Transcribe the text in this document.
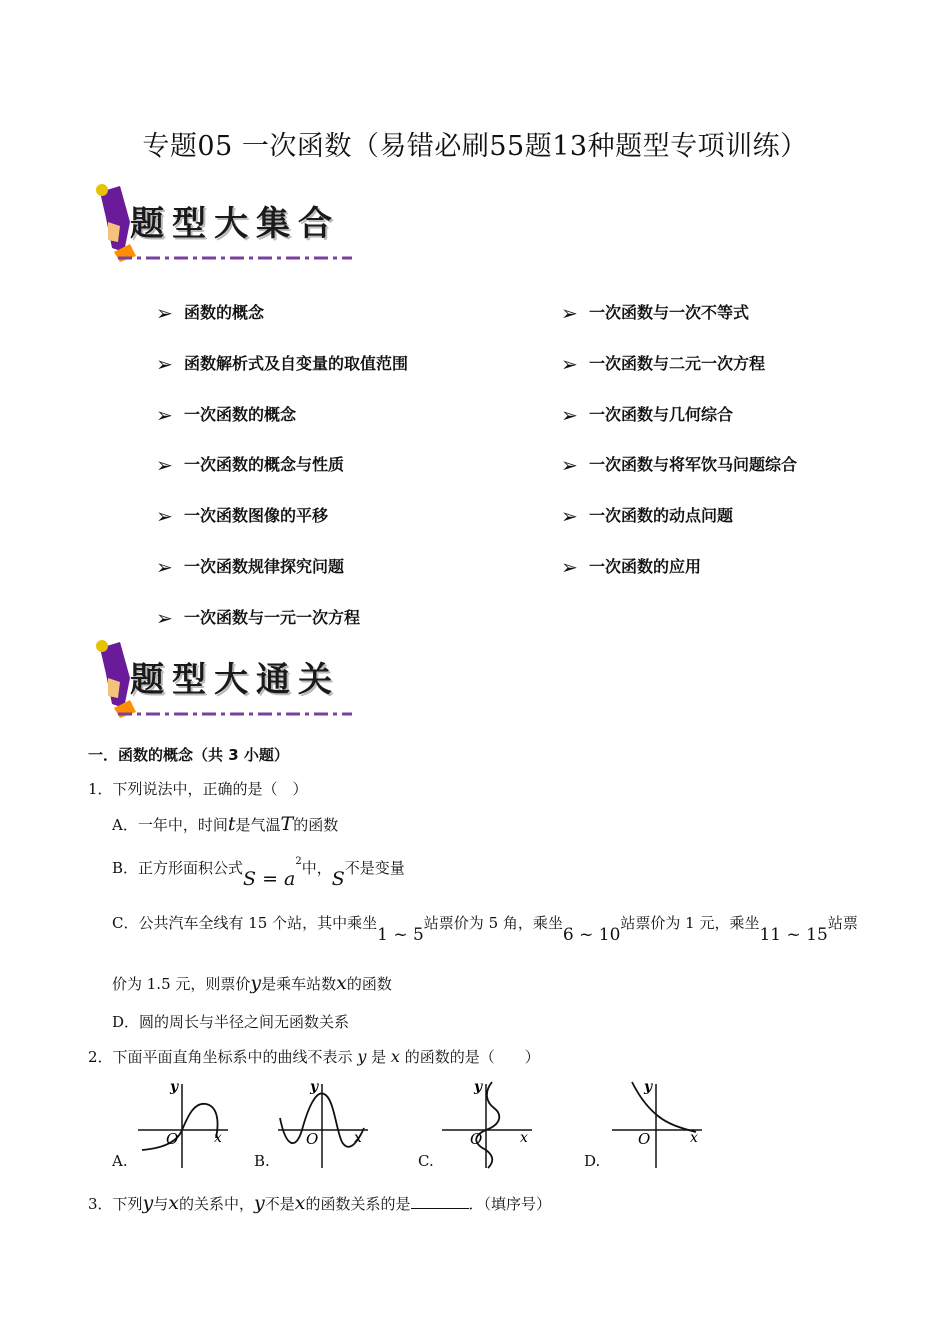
专题05 一次函数（易错必刷55题13种题型专项训练）
题型大集合
➢ 函数的概念
➢ 函数解析式及自变量的取值范围
➢ 一次函数的概念
➢ 一次函数的概念与性质
➢ 一次函数图像的平移
➢ 一次函数规律探究问题
➢ 一次函数与一元一次方程
➢ 一次函数与一次不等式
➢ 一次函数与二元一次方程
➢ 一次函数与几何综合
➢ 一次函数与将军饮马问题综合
➢ 一次函数的动点问题
➢ 一次函数的应用
题型大通关
一．函数的概念（共 3 小题）
1．下列说法中，正确的是（　）
A．一年中，时间t是气温T的函数
B．正方形面积公式$S = a^2$中，S不是变量
C．公共汽车全线有 15 个站，其中乘坐1 ~ 5站票价为 5 角，乘坐6 ~ 10站票价为 1 元，乘坐11 ~ 15站票
价为 1.5 元，则票价y是乘车站数x的函数
D．圆的周长与半径之间无函数关系
2．下面平面直角坐标系中的曲线不表示 y 是 x 的函数的是（　　）
y
O	x
A.
y
O	x
B.
y
O	x
C.
y
O	x
D.
3．下列y与x的关系中，y不是x的函数关系的是	．（填序号）
